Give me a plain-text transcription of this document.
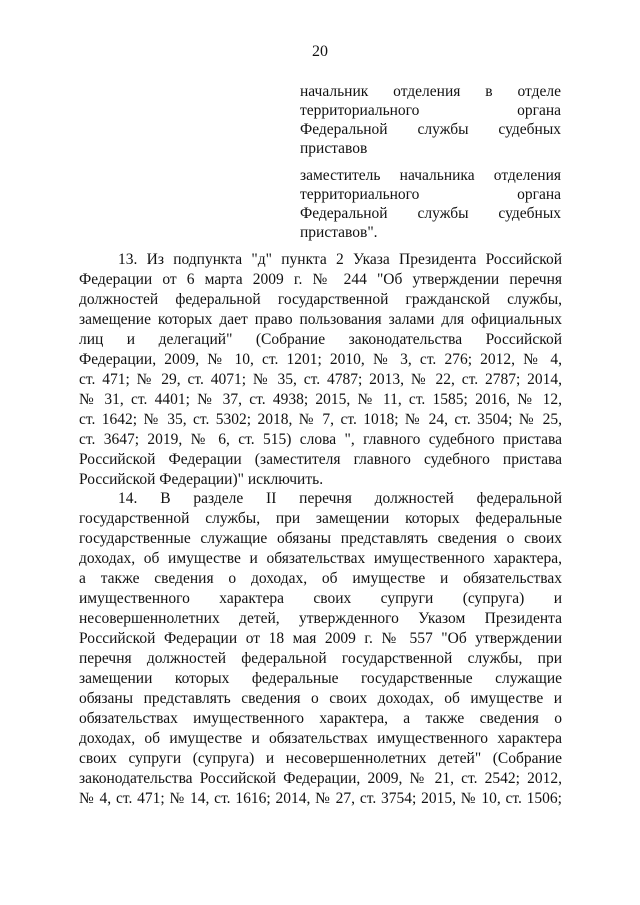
20
начальник отделения в отделе
территориального органа
Федеральной службы судебных
приставов
заместитель начальника отделения
территориального органа
Федеральной службы судебных
приставов".
13. Из подпункта "д" пункта 2 Указа Президента Российской
Федерации от 6 марта 2009 г. № 244 "Об утверждении перечня
должностей федеральной государственной гражданской службы,
замещение которых дает право пользования залами для официальных
лиц и делегаций" (Собрание законодательства Российской
Федерации, 2009, № 10, ст. 1201; 2010, № 3, ст. 276; 2012, № 4,
ст. 471; № 29, ст. 4071; № 35, ст. 4787; 2013, № 22, ст. 2787; 2014,
№ 31, ст. 4401; № 37, ст. 4938; 2015, № 11, ст. 1585; 2016, № 12,
ст. 1642; № 35, ст. 5302; 2018, № 7, ст. 1018; № 24, ст. 3504; № 25,
ст. 3647; 2019, № 6, ст. 515) слова ", главного судебного пристава
Российской Федерации (заместителя главного судебного пристава
Российской Федерации)" исключить.
14. В разделе II перечня должностей федеральной
государственной службы, при замещении которых федеральные
государственные служащие обязаны представлять сведения о своих
доходах, об имуществе и обязательствах имущественного характера,
а также сведения о доходах, об имуществе и обязательствах
имущественного характера своих супруги (супруга) и
несовершеннолетних детей, утвержденного Указом Президента
Российской Федерации от 18 мая 2009 г. № 557 "Об утверждении
перечня должностей федеральной государственной службы, при
замещении которых федеральные государственные служащие
обязаны представлять сведения о своих доходах, об имуществе и
обязательствах имущественного характера, а также сведения о
доходах, об имуществе и обязательствах имущественного характера
своих супруги (супруга) и несовершеннолетних детей" (Собрание
законодательства Российской Федерации, 2009, № 21, ст. 2542; 2012,
№ 4, ст. 471; № 14, ст. 1616; 2014, № 27, ст. 3754; 2015, № 10, ст. 1506;
